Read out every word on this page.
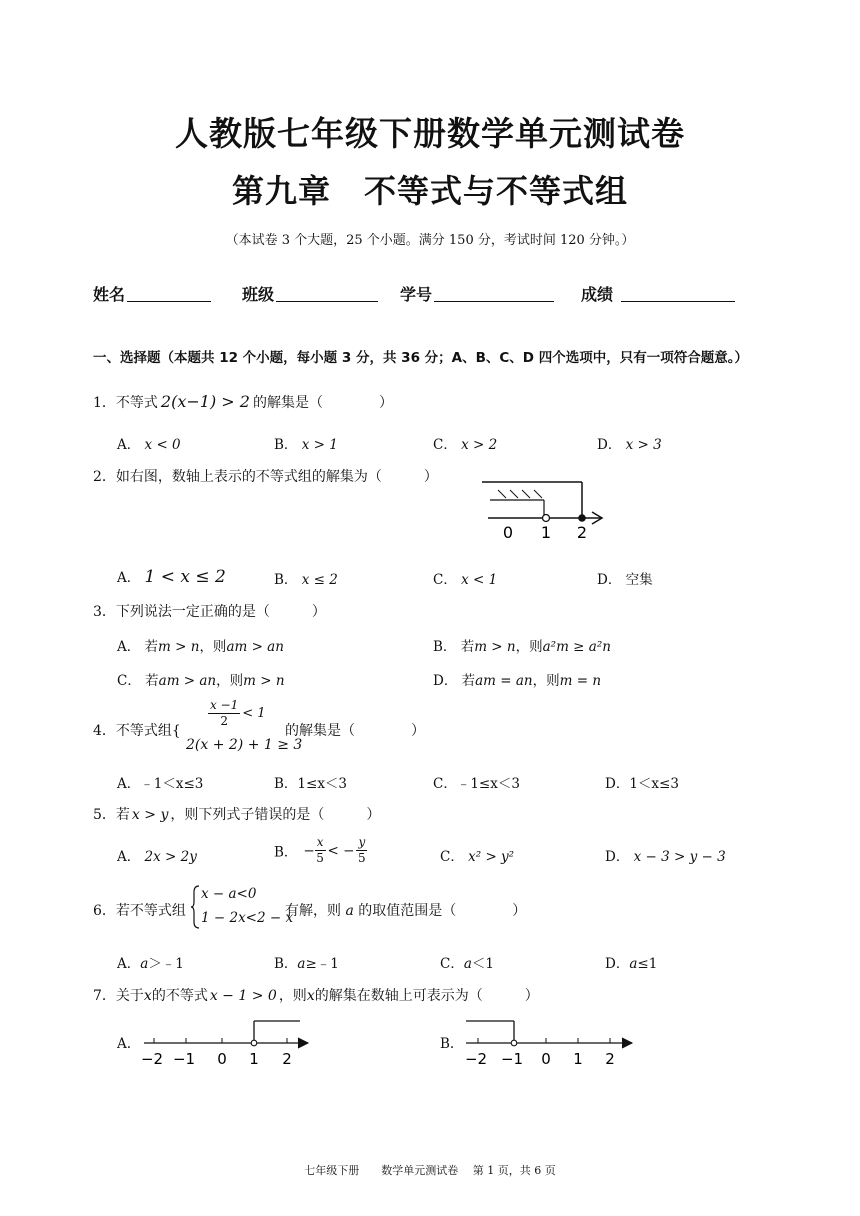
人教版七年级下册数学单元测试卷
第九章　不等式与不等式组
（本试卷 3 个大题，25 个小题。满分 150 分，考试时间 120 分钟。）
姓名	班级	学号	成绩
一、选择题（本题共 12 个小题，每小题 3 分，共 36 分；A、B、C、D 四个选项中，只有一项符合题意。）
1．不等式 2(x−1) > 2 的解集是（　　　　）
A． x < 0	B． x > 1	C． x > 2	D． x > 3
2．如右图，数轴上表示的不等式组的解集为（　　　）
0 1 2
A． 1 < x ≤ 2	B． x ≤ 2	C． x < 1	D． 空集
3．下列说法一定正确的是（　　　）
A． 若m > n，则am > an	B． 若m > n，则a²m ≥ a²n
C． 若am > an，则m > n	D． 若am = an，则m = n
4．不等式组{
$\frac{x -1}{2} < 1$
2(x + 2) + 1 ≥ 3
的解集是（　　　　）
A．﹣1＜x≤3	B．1≤x＜3	C．﹣1≤x＜3	D．1＜x≤3
5．若 x > y ，则下列式子错误的是（　　　）
A． 2x > 2y	B． − $\frac{x}{5}$ < − $\frac{y}{5}$	C． x² > y²	D． x − 3 > y − 3
6．若不等式组
x − a<0
1 − 2x<2 − x
有解，则 a 的取值范围是（　　　　）
A．a＞﹣1	B．a≥﹣1	C．a＜1	D．a≤1
7．关于x的不等式 x − 1 > 0 ，则x的解集在数轴上可表示为（　　　）
A.
−2 −1 0 1 2
B.
−2 −1 0 1 2
七年级下册　　数学单元测试卷　 第 1 页，共 6 页
